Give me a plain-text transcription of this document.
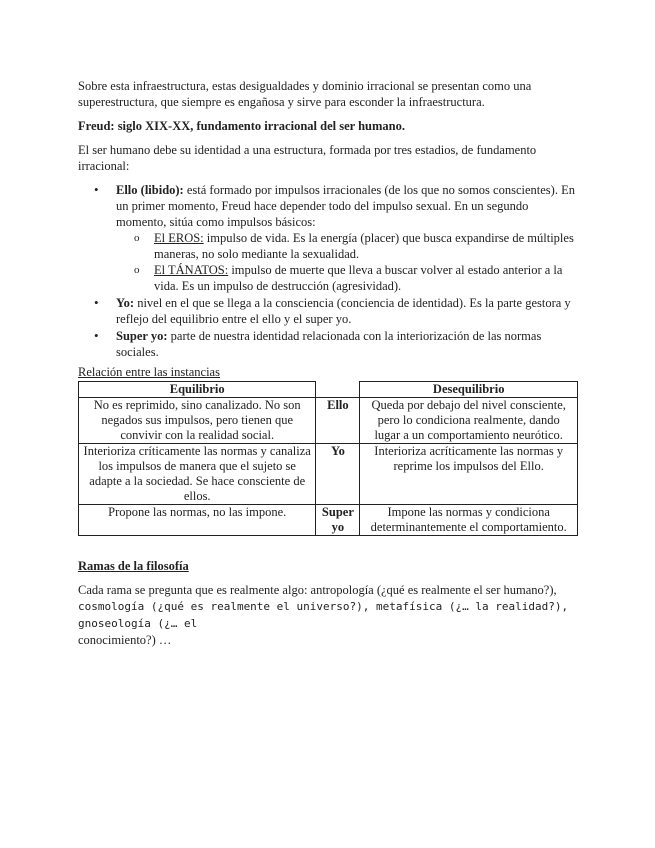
Sobre esta infraestructura, estas desigualdades y dominio irracional se presentan como una superestructura, que siempre es engañosa y sirve para esconder la infraestructura.

Freud: siglo XIX-XX, fundamento irracional del ser humano.

El ser humano debe su identidad a una estructura, formada por tres estadios, de fundamento irracional:

• Ello (libido): está formado por impulsos irracionales (de los que no somos conscientes). En un primer momento, Freud hace depender todo del impulso sexual. En un segundo momento, sitúa como impulsos básicos:
o El EROS: impulso de vida. Es la energía (placer) que busca expandirse de múltiples maneras, no solo mediante la sexualidad.
o El TÁNATOS: impulso de muerte que lleva a buscar volver al estado anterior a la vida. Es un impulso de destrucción (agresividad).
• Yo: nivel en el que se llega a la consciencia (conciencia de identidad). Es la parte gestora y reflejo del equilibrio entre el ello y el super yo.
• Super yo: parte de nuestra identidad relacionada con la interiorización de las normas sociales.
Relación entre las instancias
Equilibrio		Desequilibrio
No es reprimido, sino canalizado. No son negados sus impulsos, pero tienen que convivir con la realidad social.	Ello	Queda por debajo del nivel consciente, pero lo condiciona realmente, dando lugar a un comportamiento neurótico.
Interioriza críticamente las normas y canaliza los impulsos de manera que el sujeto se adapte a la sociedad. Se hace consciente de ellos.	Yo	Interioriza acríticamente las normas y reprime los impulsos del Ello.
Propone las normas, no las impone.	Super yo	Impone las normas y condiciona determinantemente el comportamiento.
Ramas de la filosofía

Cada rama se pregunta que es realmente algo: antropología (¿qué es realmente el ser humano?),
cosmología (¿qué es realmente el universo?), metafísica (¿… la realidad?), gnoseología (¿… el
conocimiento?) …
